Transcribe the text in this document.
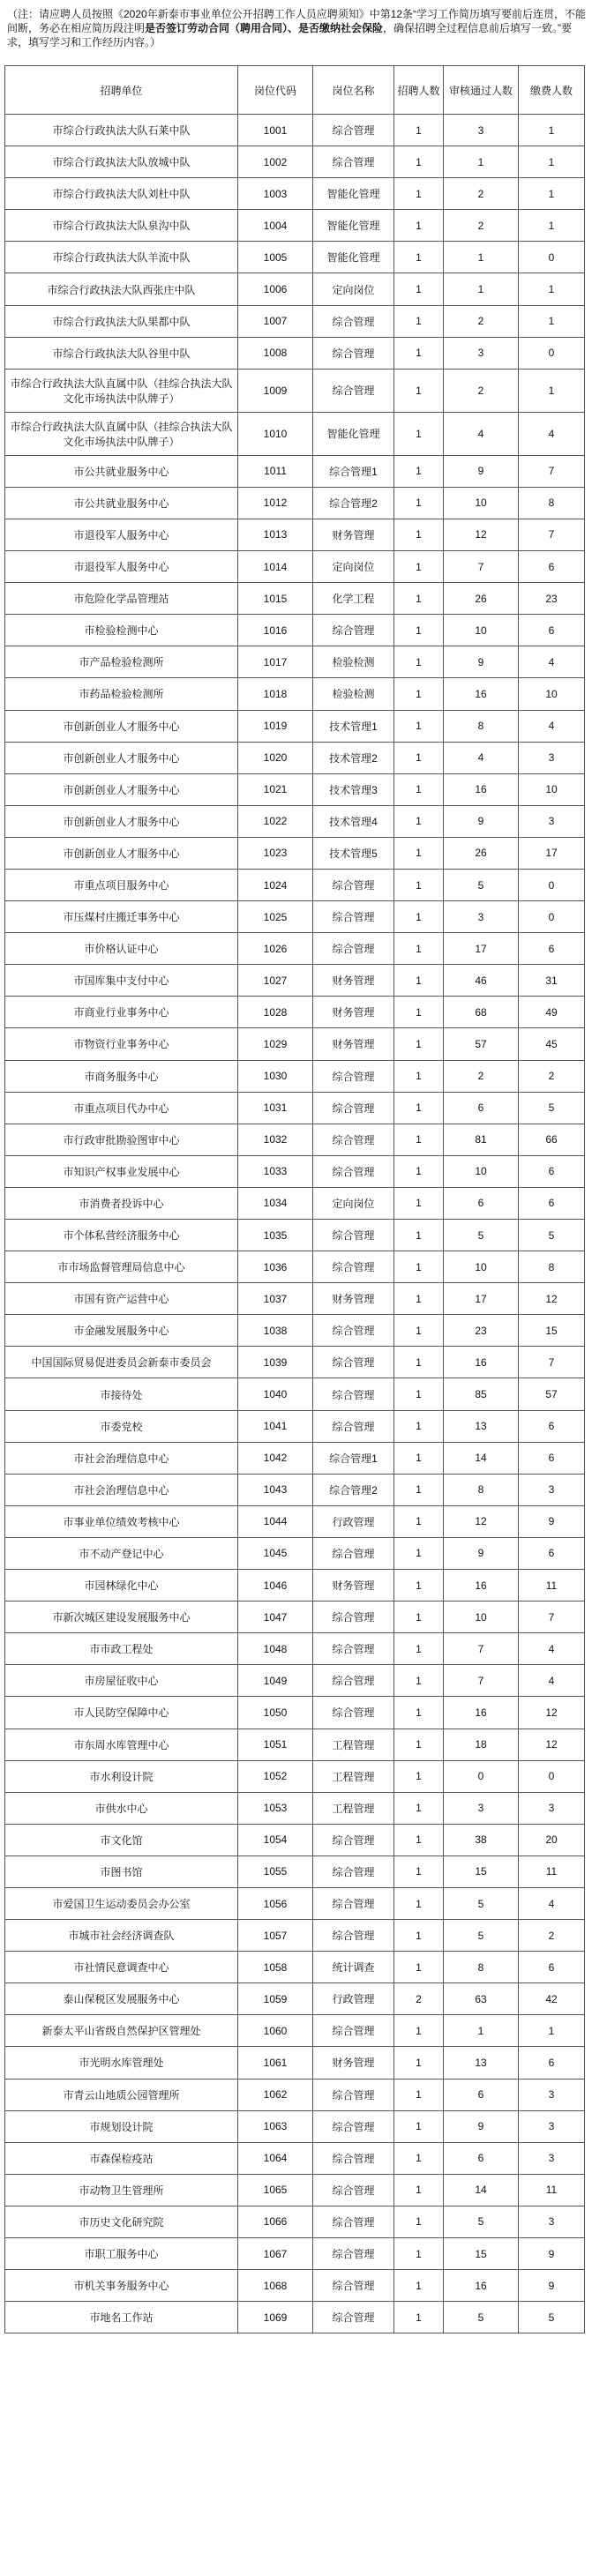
（注：请应聘人员按照《2020年新泰市事业单位公开招聘工作人员应聘须知》中第12条“学习工作简历填写要前后连贯，不能间断，务必在相应简历段注明是否签订劳动合同（聘用合同）、是否缴纳社会保险，确保招聘全过程信息前后填写一致。”要求，填写学习和工作经历内容。）
招聘单位	岗位代码	岗位名称	招聘人数	审核通过人数	缴费人数
市综合行政执法大队石莱中队	1001	综合管理	1	3	1
市综合行政执法大队放城中队	1002	综合管理	1	1	1
市综合行政执法大队刘杜中队	1003	智能化管理	1	2	1
市综合行政执法大队泉沟中队	1004	智能化管理	1	2	1
市综合行政执法大队羊流中队	1005	智能化管理	1	1	0
市综合行政执法大队西张庄中队	1006	定向岗位	1	1	1
市综合行政执法大队果都中队	1007	综合管理	1	2	1
市综合行政执法大队谷里中队	1008	综合管理	1	3	0
市综合行政执法大队直属中队（挂综合执法大队文化市场执法中队牌子）	1009	综合管理	1	2	1
市综合行政执法大队直属中队（挂综合执法大队文化市场执法中队牌子）	1010	智能化管理	1	4	4
市公共就业服务中心	1011	综合管理1	1	9	7
市公共就业服务中心	1012	综合管理2	1	10	8
市退役军人服务中心	1013	财务管理	1	12	7
市退役军人服务中心	1014	定向岗位	1	7	6
市危险化学品管理站	1015	化学工程	1	26	23
市检验检测中心	1016	综合管理	1	10	6
市产品检验检测所	1017	检验检测	1	9	4
市药品检验检测所	1018	检验检测	1	16	10
市创新创业人才服务中心	1019	技术管理1	1	8	4
市创新创业人才服务中心	1020	技术管理2	1	4	3
市创新创业人才服务中心	1021	技术管理3	1	16	10
市创新创业人才服务中心	1022	技术管理4	1	9	3
市创新创业人才服务中心	1023	技术管理5	1	26	17
市重点项目服务中心	1024	综合管理	1	5	0
市压煤村庄搬迁事务中心	1025	综合管理	1	3	0
市价格认证中心	1026	综合管理	1	17	6
市国库集中支付中心	1027	财务管理	1	46	31
市商业行业事务中心	1028	财务管理	1	68	49
市物资行业事务中心	1029	财务管理	1	57	45
市商务服务中心	1030	综合管理	1	2	2
市重点项目代办中心	1031	综合管理	1	6	5
市行政审批勘验图审中心	1032	综合管理	1	81	66
市知识产权事业发展中心	1033	综合管理	1	10	6
市消费者投诉中心	1034	定向岗位	1	6	6
市个体私营经济服务中心	1035	综合管理	1	5	5
市市场监督管理局信息中心	1036	综合管理	1	10	8
市国有资产运营中心	1037	财务管理	1	17	12
市金融发展服务中心	1038	综合管理	1	23	15
中国国际贸易促进委员会新泰市委员会	1039	综合管理	1	16	7
市接待处	1040	综合管理	1	85	57
市委党校	1041	综合管理	1	13	6
市社会治理信息中心	1042	综合管理1	1	14	6
市社会治理信息中心	1043	综合管理2	1	8	3
市事业单位绩效考核中心	1044	行政管理	1	12	9
市不动产登记中心	1045	综合管理	1	9	6
市园林绿化中心	1046	财务管理	1	16	11
市新次城区建设发展服务中心	1047	综合管理	1	10	7
市市政工程处	1048	综合管理	1	7	4
市房屋征收中心	1049	综合管理	1	7	4
市人民防空保障中心	1050	综合管理	1	16	12
市东周水库管理中心	1051	工程管理	1	18	12
市水利设计院	1052	工程管理	1	0	0
市供水中心	1053	工程管理	1	3	3
市文化馆	1054	综合管理	1	38	20
市图书馆	1055	综合管理	1	15	11
市爱国卫生运动委员会办公室	1056	综合管理	1	5	4
市城市社会经济调查队	1057	综合管理	1	5	2
市社情民意调查中心	1058	统计调查	1	8	6
泰山保税区发展服务中心	1059	行政管理	2	63	42
新泰太平山省级自然保护区管理处	1060	综合管理	1	1	1
市光明水库管理处	1061	财务管理	1	13	6
市青云山地质公园管理所	1062	综合管理	1	6	3
市规划设计院	1063	综合管理	1	9	3
市森保检疫站	1064	综合管理	1	6	3
市动物卫生管理所	1065	综合管理	1	14	11
市历史文化研究院	1066	综合管理	1	5	3
市职工服务中心	1067	综合管理	1	15	9
市机关事务服务中心	1068	综合管理	1	16	9
市地名工作站	1069	综合管理	1	5	5
